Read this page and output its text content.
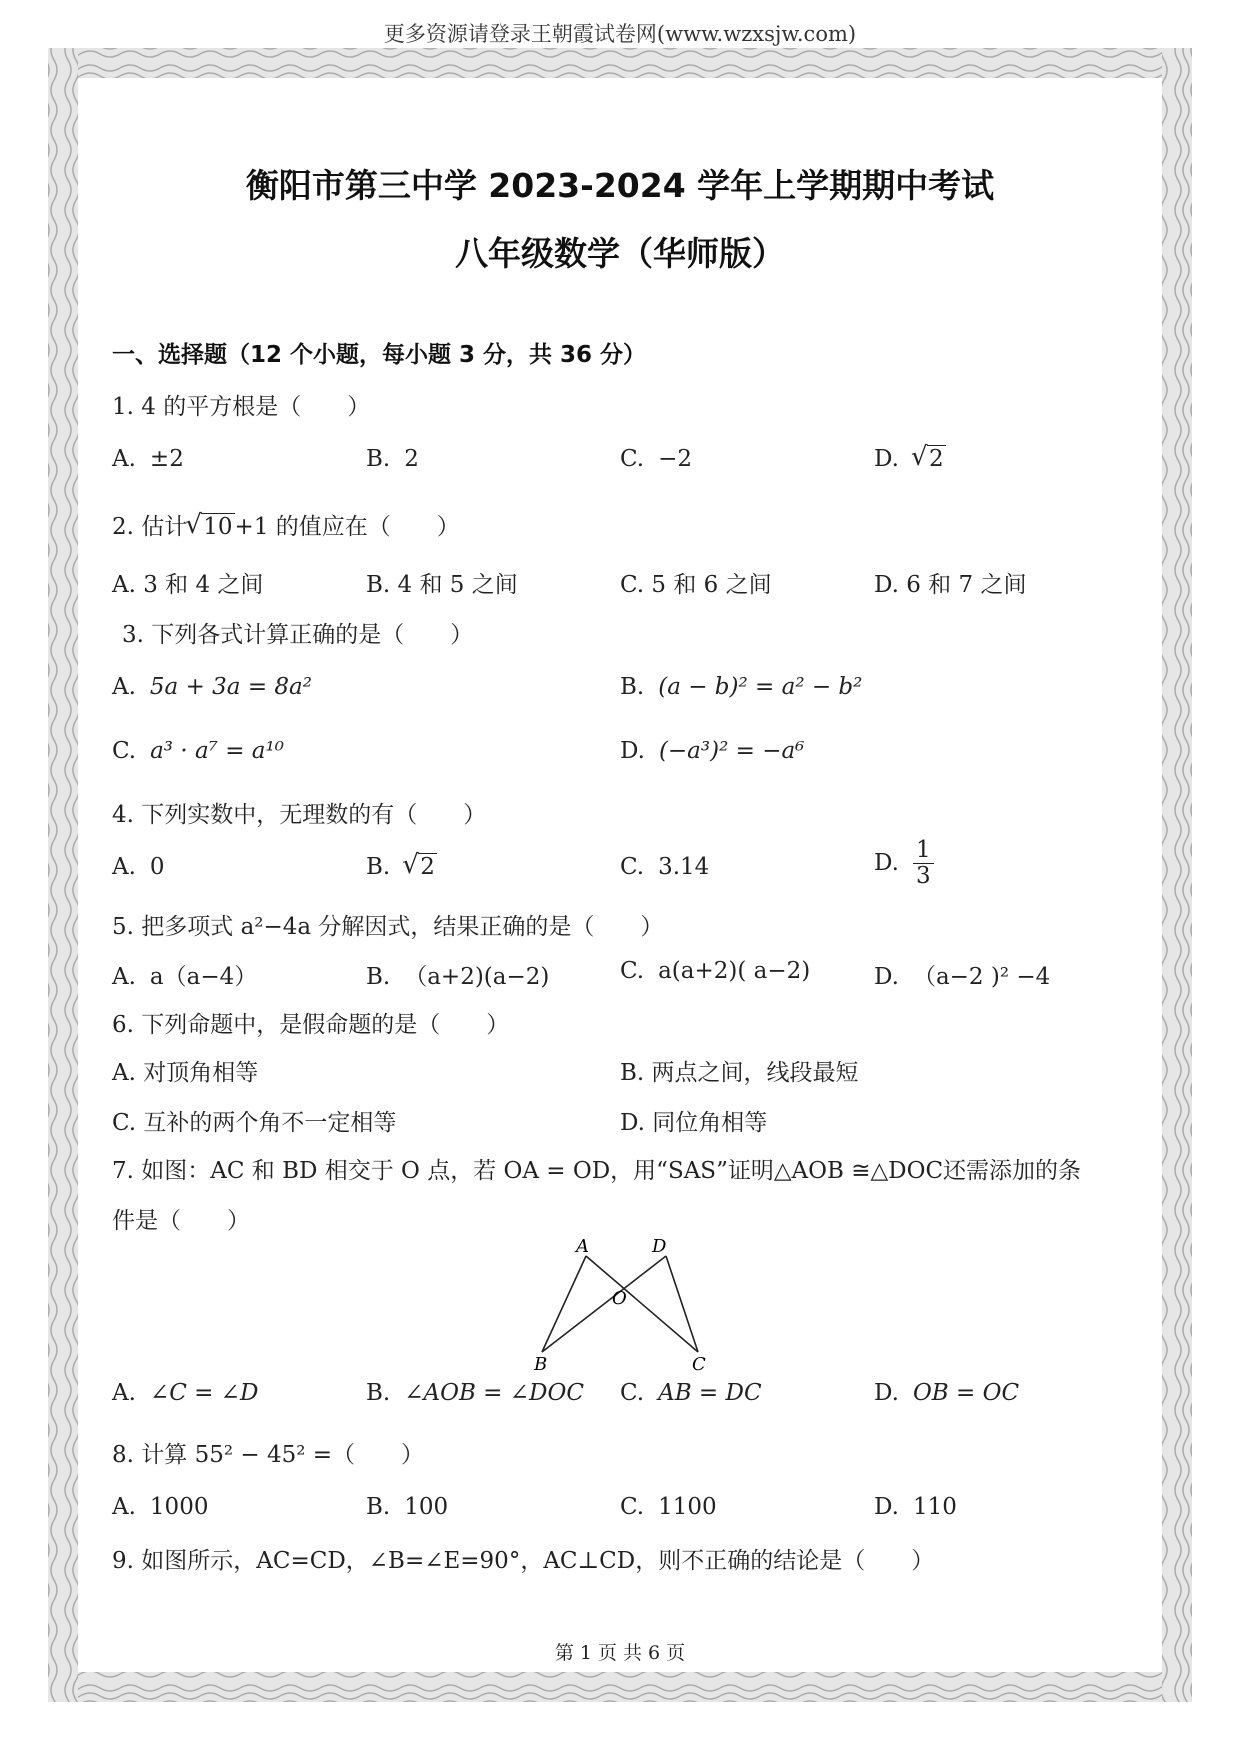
更多资源请登录王朝霞试卷网(www.wzxsjw.com)
衡阳市第三中学 2023-2024 学年上学期期中考试
八年级数学（华师版）
一、选择题（12 个小题，每小题 3 分，共 36 分）
1. 4 的平方根是（　　）
A. ±2	B. 2	C. −2	D. √ 2
2. 估计
√ 10+1 的值应在（　　）
A. 3 和 4 之间	B. 4 和 5 之间	C. 5 和 6 之间	D. 6 和 7 之间
3. 下列各式计算正确的是（　　）
A. 5a + 3a = 8a²	B. (a − b)² = a² − b²
C. a³ · a⁷ = a¹⁰	D. (−a³)² = −a⁶
4. 下列实数中，无理数的有（　　）
A. 0	B. √ 2	C. 3.14	D. $\frac{1}{3}$
5. 把多项式 a²−4a 分解因式，结果正确的是（　　）
A. a（a−4）	B. （a+2)(a−2)	C. a(a+2)( a−2)	D. （a−2 )² −4
6. 下列命题中，是假命题的是（　　）
A. 对顶角相等	B. 两点之间，线段最短
C. 互补的两个角不一定相等	D. 同位角相等
7. 如图：AC 和 BD 相交于 O 点，若 OA = OD，用“SAS”证明△AOB ≅△DOC还需添加的条
件是（　　）
A	D
O
B	C
A. ∠C = ∠D	B. ∠AOB = ∠DOC C. AB = DC	D. OB = OC
8. 计算 55² − 45² =（　　）
A. 1000	B. 100	C. 1100	D. 110
9. 如图所示，AC=CD，∠B=∠E=90°，AC⊥CD，则不正确的结论是（　　）
第 1 页 共 6 页
